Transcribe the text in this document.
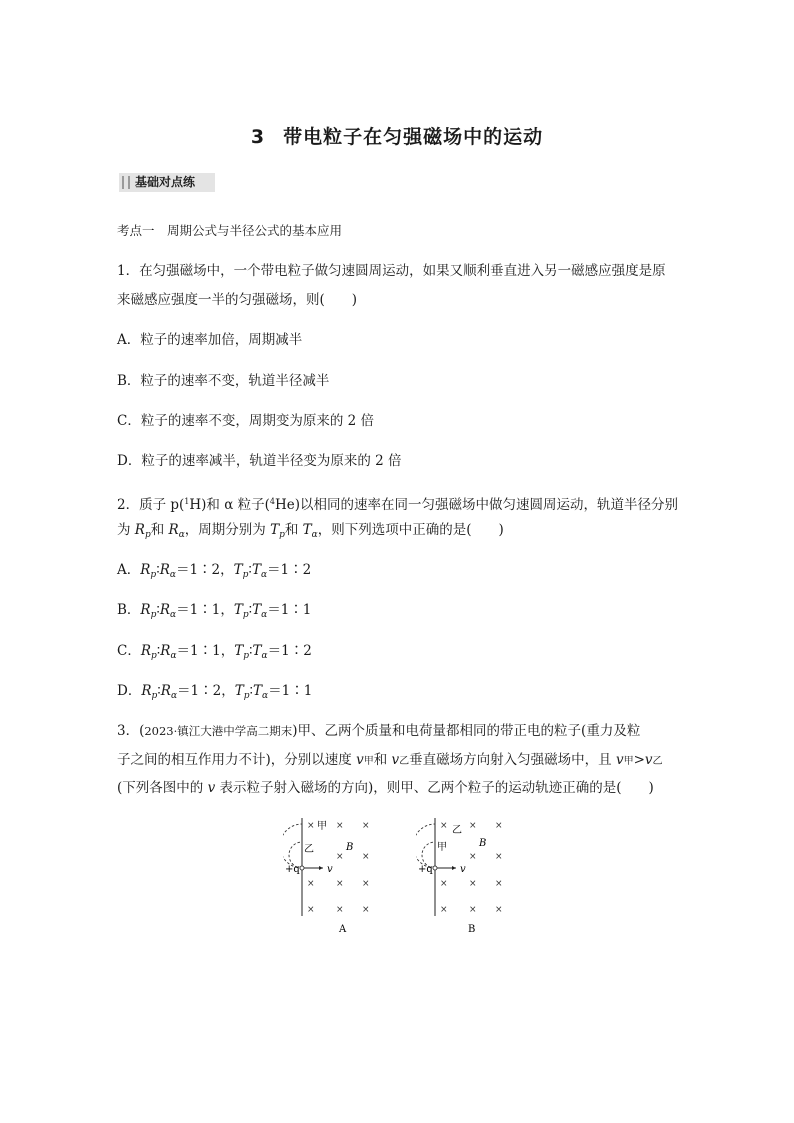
3 带电粒子在匀强磁场中的运动
基础对点练
考点一　周期公式与半径公式的基本应用
1．在匀强磁场中，一个带电粒子做匀速圆周运动，如果又顺利垂直进入另一磁感应强度是原
来磁感应强度一半的匀强磁场，则(　　)
A．粒子的速率加倍，周期减半
B．粒子的速率不变，轨道半径减半
C．粒子的速率不变，周期变为原来的 2 倍
D．粒子的速率减半，轨道半径变为原来的 2 倍
2．质子 p($^1$H)和 α 粒子($^4$He)以相同的速率在同一匀强磁场中做匀速圆周运动，轨道半径分别
为 $R_p$和 $R_\alpha$，周期分别为 $T_p$和 $T_\alpha$，则下列选项中正确的是(　　)
A．$R_p∶R_\alpha=1∶2$，$T_p∶T_\alpha=1∶2$
B．$R_p∶R_\alpha=1∶1$，$T_p∶T_\alpha=1∶1$
C．$R_p∶R_\alpha=1∶1$，$T_p∶T_\alpha=1∶2$
D．$R_p∶R_\alpha=1∶2$，$T_p∶T_\alpha=1∶1$
3．(2023·镇江大港中学高二期末)甲、乙两个质量和电荷量都相同的带正电的粒子(重力及粒
子之间的相互作用力不计)，分别以速度 v甲和 v乙垂直磁场方向射入匀强磁场中，且 v甲>v乙
(下列各图中的 v 表示粒子射入磁场的方向)，则甲、乙两个粒子的运动轨迹正确的是(　　)
+q	v
甲
乙	B
× × ×
× ×
× × ×
× × ×
A
+q	v
乙
甲	B
× × ×
× ×
× × ×
× × ×
B
